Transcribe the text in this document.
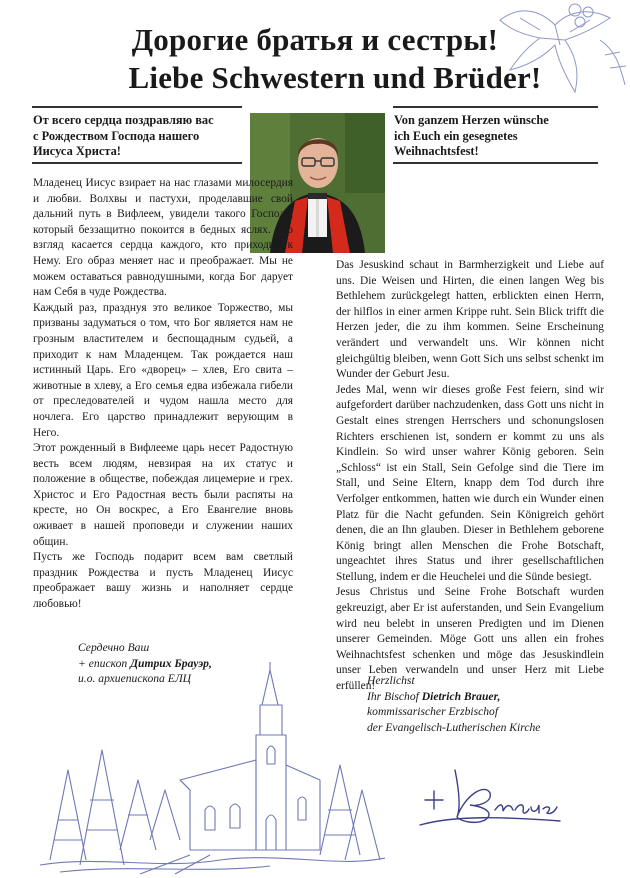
Дорогие братья и сестры!
Liebe Schwestern und Brüder!
От всего сердца поздравляю вас
с Рождеством Господа нашего
Иисуса Христа!
Von ganzem Herzen wünsche
ich Euch ein gesegnetes
Weihnachtsfest!

Младенец Иисус взирает на нас глазами милосердия и любви. Волхвы и пастухи, проделавшие свой дальний путь в Вифлеем, увидели такого Господа, который беззащитно покоится в бедных яслях. Его взгляд касается сердца каждого, кто приходит к Нему. Его образ меняет нас и преображает. Мы не можем оставаться равнодушными, когда Бог дарует нам Себя в чуде Рождества.

Каждый раз, празднуя это великое Торжество, мы призваны задуматься о том, что Бог является нам не грозным властителем и беспощадным судьей, а приходит к нам Младенцем. Так рождается наш истинный Царь. Его «дворец» – хлев, Его свита – животные в хлеву, а Его семья едва избежала гибели от преследователей и чудом нашла место для ночлега. Его царство принадлежит верующим в Него.

Этот рожденный в Вифлееме царь несет Радостную весть всем людям, невзирая на их статус и положение в обществе, побеждая лицемерие и грех. Христос и Его Радостная весть были распяты на кресте, но Он воскрес, а Его Евангелие вновь оживает в нашей проповеди и служении наших общин.

Пусть же Господь подарит всем вам светлый праздник Рождества и пусть Младенец Иисус преображает вашу жизнь и наполняет сердце любовью!

Das Jesuskind schaut in Barmherzigkeit und Liebe auf uns. Die Weisen und Hirten, die einen langen Weg bis Bethlehem zurückgelegt hatten, erblickten einen Herrn, der hilflos in einer armen Krippe ruht. Sein Blick trifft die Herzen jeder, die zu ihm kommen. Seine Erscheinung verändert und verwandelt uns. Wir können nicht gleichgültig bleiben, wenn Gott Sich uns selbst schenkt im Wunder der Geburt Jesu.

Jedes Mal, wenn wir dieses große Fest feiern, sind wir aufgefordert darüber nachzudenken, dass Gott uns nicht in Gestalt eines strengen Herrschers und schonungslosen Richters erschienen ist, sondern er kommt zu uns als Kindlein. So wird unser wahrer König geboren. Sein „Schloss“ ist ein Stall, Sein Gefolge sind die Tiere im Stall, und Seine Eltern, knapp dem Tod durch ihre Verfolger entkommen, hatten wie durch ein Wunder einen Platz für die Nacht gefunden. Sein Königreich gehört denen, die an Ihn glauben. Dieser in Bethlehem geborene König bringt allen Menschen die Frohe Botschaft, ungeachtet ihres Status und ihrer gesellschaftlichen Stellung, indem er die Heuchelei und die Sünde besiegt.

Jesus Christus und Seine Frohe Botschaft wurden gekreuzigt, aber Er ist auferstanden, und Sein Evangelium wird neu belebt in unseren Predigten und im Dienen unserer Gemeinden. Möge Gott uns allen ein frohes Weihnachtsfest schenken und möge das Jesuskindlein unser Leben verwandeln und unser Herz mit Liebe erfüllen!

Сердечно Ваш
+ епископ Дитрих Брауэр,
и.о. архиепископа ЕЛЦ	Herzlichst
Ihr Bischof Dietrich Brauer,
kommissarischer Erzbischof
der Evangelisch-Lutherischen Kirche
